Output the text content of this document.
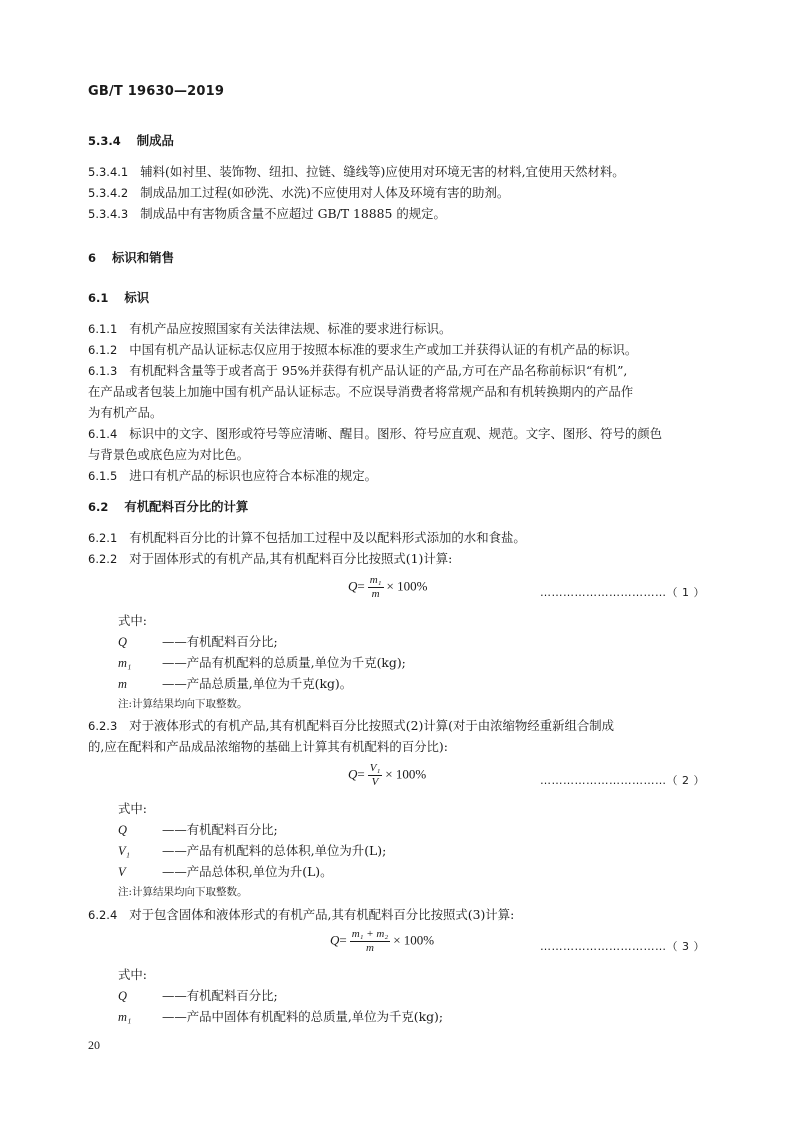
GB/T 19630—2019
5.3.4 制成品
5.3.4.1 辅料(如衬里、装饰物、纽扣、拉链、缝线等)应使用对环境无害的材料,宜使用天然材料。
5.3.4.2 制成品加工过程(如砂洗、水洗)不应使用对人体及环境有害的助剂。
5.3.4.3 制成品中有害物质含量不应超过 GB/T 18885 的规定。
6 标识和销售
6.1 标识
6.1.1 有机产品应按照国家有关法律法规、标准的要求进行标识。
6.1.2 中国有机产品认证标志仅应用于按照本标准的要求生产或加工并获得认证的有机产品的标识。
6.1.3 有机配料含量等于或者高于 95%并获得有机产品认证的产品,方可在产品名称前标识“有机”,
在产品或者包装上加施中国有机产品认证标志。不应误导消费者将常规产品和有机转换期内的产品作
为有机产品。
6.1.4 标识中的文字、图形或符号等应清晰、醒目。图形、符号应直观、规范。文字、图形、符号的颜色
与背景色或底色应为对比色。
6.1.5 进口有机产品的标识也应符合本标准的规定。
6.2 有机配料百分比的计算
6.2.1 有机配料百分比的计算不包括加工过程中及以配料形式添加的水和食盐。
6.2.2 对于固体形式的有机产品,其有机配料百分比按照式(1)计算:
$Q= \frac{\text{m₁}}{m} \times 100\%$	……………………………（ 1 ）
式中:
Q	——有机配料百分比;
m₁ ——产品有机配料的总质量,单位为千克(kg);
m	——产品总质量,单位为千克(kg)。
注:计算结果均向下取整数。
6.2.3 对于液体形式的有机产品,其有机配料百分比按照式(2)计算(对于由浓缩物经重新组合制成
的,应在配料和产品成品浓缩物的基础上计算其有机配料的百分比):
$Q= \frac{\text{V₁}}{V} \times 100\%$	……………………………（ 2 ）
式中:
Q	——有机配料百分比;
V₁	——产品有机配料的总体积,单位为升(L);
V	——产品总体积,单位为升(L)。
注:计算结果均向下取整数。
6.2.4 对于包含固体和液体形式的有机产品,其有机配料百分比按照式(3)计算:
$Q= \frac{\text{m₁ + m₂}}{m} \times 100\%$	……………………………（ 3 ）
式中:
Q	——有机配料百分比;
m₁ ——产品中固体有机配料的总质量,单位为千克(kg);
20
